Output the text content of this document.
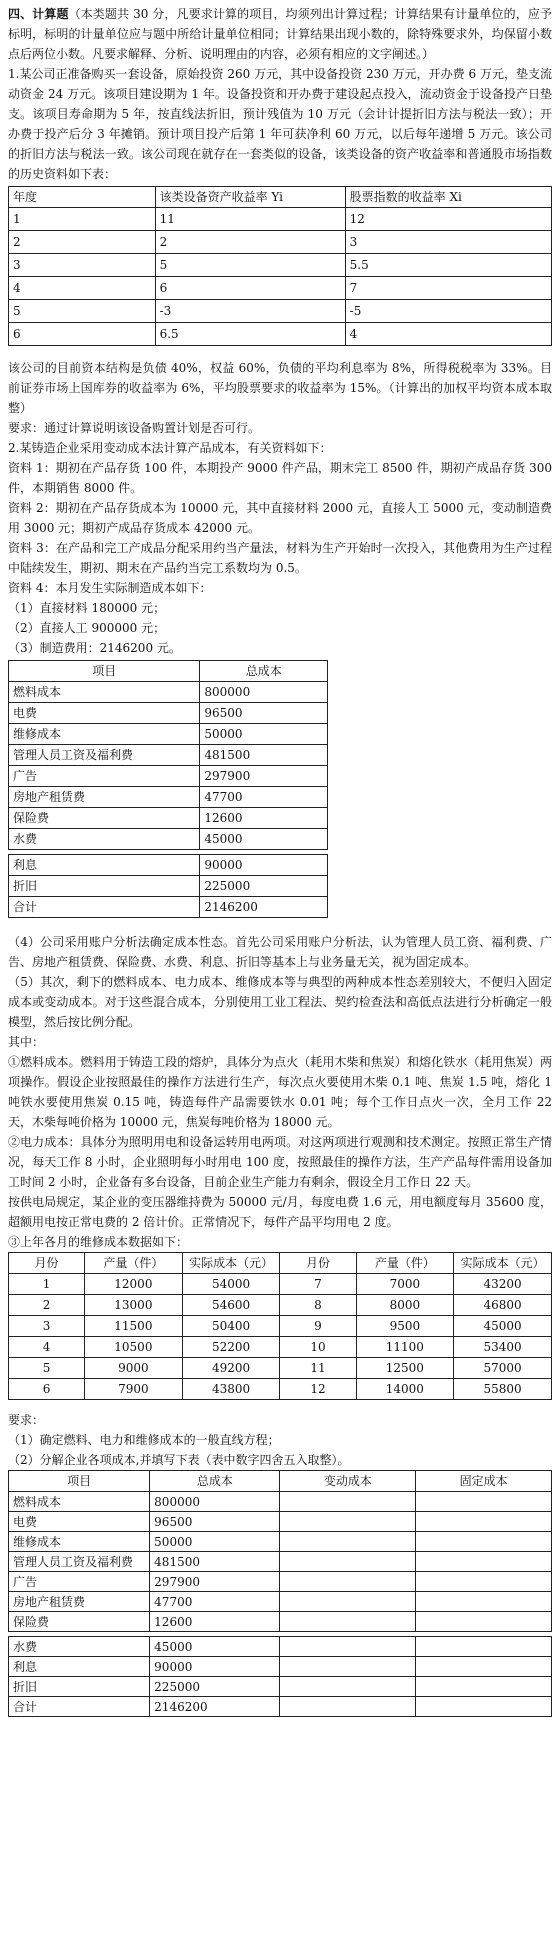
四、计算题（本类题共 30 分，凡要求计算的项目，均须列出计算过程；计算结果有计量单位的，应予标明，标明的计量单位应与题中所给计量单位相同；计算结果出现小数的，除特殊要求外，均保留小数点后两位小数。凡要求解释、分析、说明理由的内容，必须有相应的文字阐述。）

1.某公司正准备购买一套设备，原始投资 260 万元，其中设备投资 230 万元，开办费 6 万元，垫支流动资金 24 万元。该项目建设期为 1 年。设备投资和开办费于建设起点投入，流动资金于设备投产日垫支。该项目寿命期为 5 年，按直线法折旧，预计残值为 10 万元（会计计提折旧方法与税法一致）；开办费于投产后分 3 年摊销。预计项目投产后第 1 年可获净利 60 万元，以后每年递增 5 万元。该公司的折旧方法与税法一致。该公司现在就存在一套类似的设备，该类设备的资产收益率和普通股市场指数的历史资料如下表：

年度	该类设备资产收益率 Yi	股票指数的收益率 Xi
1	11	12
2	2	3
3	5	5.5
4	6	7
5	-3	-5
6	6.5	4

该公司的目前资本结构是负债 40%，权益 60%，负债的平均利息率为 8%，所得税税率为 33%。目前证券市场上国库券的收益率为 6%，平均股票要求的收益率为 15%。（计算出的加权平均资本成本取整）

要求：通过计算说明该设备购置计划是否可行。

2.某铸造企业采用变动成本法计算产品成本，有关资料如下：

资料 1：期初在产品存货 100 件，本期投产 9000 件产品，期末完工 8500 件，期初产成品存货 300 件，本期销售 8000 件。

资料 2：期初在产品存货成本为 10000 元，其中直接材料 2000 元，直接人工 5000 元，变动制造费用 3000 元；期初产成品存货成本 42000 元。

资料 3：在产品和完工产成品分配采用约当产量法，材料为生产开始时一次投入，其他费用为生产过程中陆续发生，期初、期末在产品约当完工系数均为 0.5。

资料 4：本月发生实际制造成本如下：

（1）直接材料 180000 元；

（2）直接人工 900000 元；

（3）制造费用：2146200 元。

项目	总成本
燃料成本	800000
电费	96500
维修成本	50000
管理人员工资及福利费	481500
广告	297900
房地产租赁费	47700
保险费	12600
水费	45000
利息	90000
折旧	225000
合计	2146200

（4）公司采用账户分析法确定成本性态。首先公司采用账户分析法，认为管理人员工资、福利费、广告、房地产租赁费、保险费、水费、利息、折旧等基本上与业务量无关，视为固定成本。

（5）其次，剩下的燃料成本、电力成本、维修成本等与典型的两种成本性态差别较大，不便归入固定成本或变动成本。对于这些混合成本，分别使用工业工程法、契约检查法和高低点法进行分析确定一般模型，然后按比例分配。

其中：

①燃料成本。燃料用于铸造工段的熔炉，具体分为点火（耗用木柴和焦炭）和熔化铁水（耗用焦炭）两项操作。假设企业按照最佳的操作方法进行生产，每次点火要使用木柴 0.1 吨、焦炭 1.5 吨，熔化 1 吨铁水要使用焦炭 0.15 吨，铸造每件产品需要铁水 0.01 吨；每个工作日点火一次，全月工作 22 天，木柴每吨价格为 10000 元，焦炭每吨价格为 18000 元。

②电力成本：具体分为照明用电和设备运转用电两项。对这两项进行观测和技术测定。按照正常生产情况，每天工作 8 小时，企业照明每小时用电 100 度，按照最佳的操作方法，生产产品每件需用设备加工时间 2 小时，企业备有多台设备，目前企业生产能力有剩余，假设全月工作日 22 天。

按供电局规定，某企业的变压器维持费为 50000 元/月，每度电费 1.6 元，用电额度每月 35600 度，超额用电按正常电费的 2 倍计价。正常情况下，每件产品平均用电 2 度。

③上年各月的维修成本数据如下：

月份	产量（件）	实际成本（元）	月份	产量（件）	实际成本（元）
1	12000	54000	7	7000	43200
2	13000	54600	8	8000	46800
3	11500	50400	9	9500	45000
4	10500	52200	10	11100	53400
5	9000	49200	11	12500	57000
6	7900	43800	12	14000	55800

要求：

（1）确定燃料、电力和维修成本的一般直线方程；

（2）分解企业各项成本,并填写下表（表中数字四舍五入取整）。

项目	总成本	变动成本	固定成本
燃料成本	800000		
电费	96500		
维修成本	50000		
管理人员工资及福利费	481500		
广告	297900		
房地产租赁费	47700		
保险费	12600		
水费	45000		
利息	90000		
折旧	225000		
合计	2146200		
